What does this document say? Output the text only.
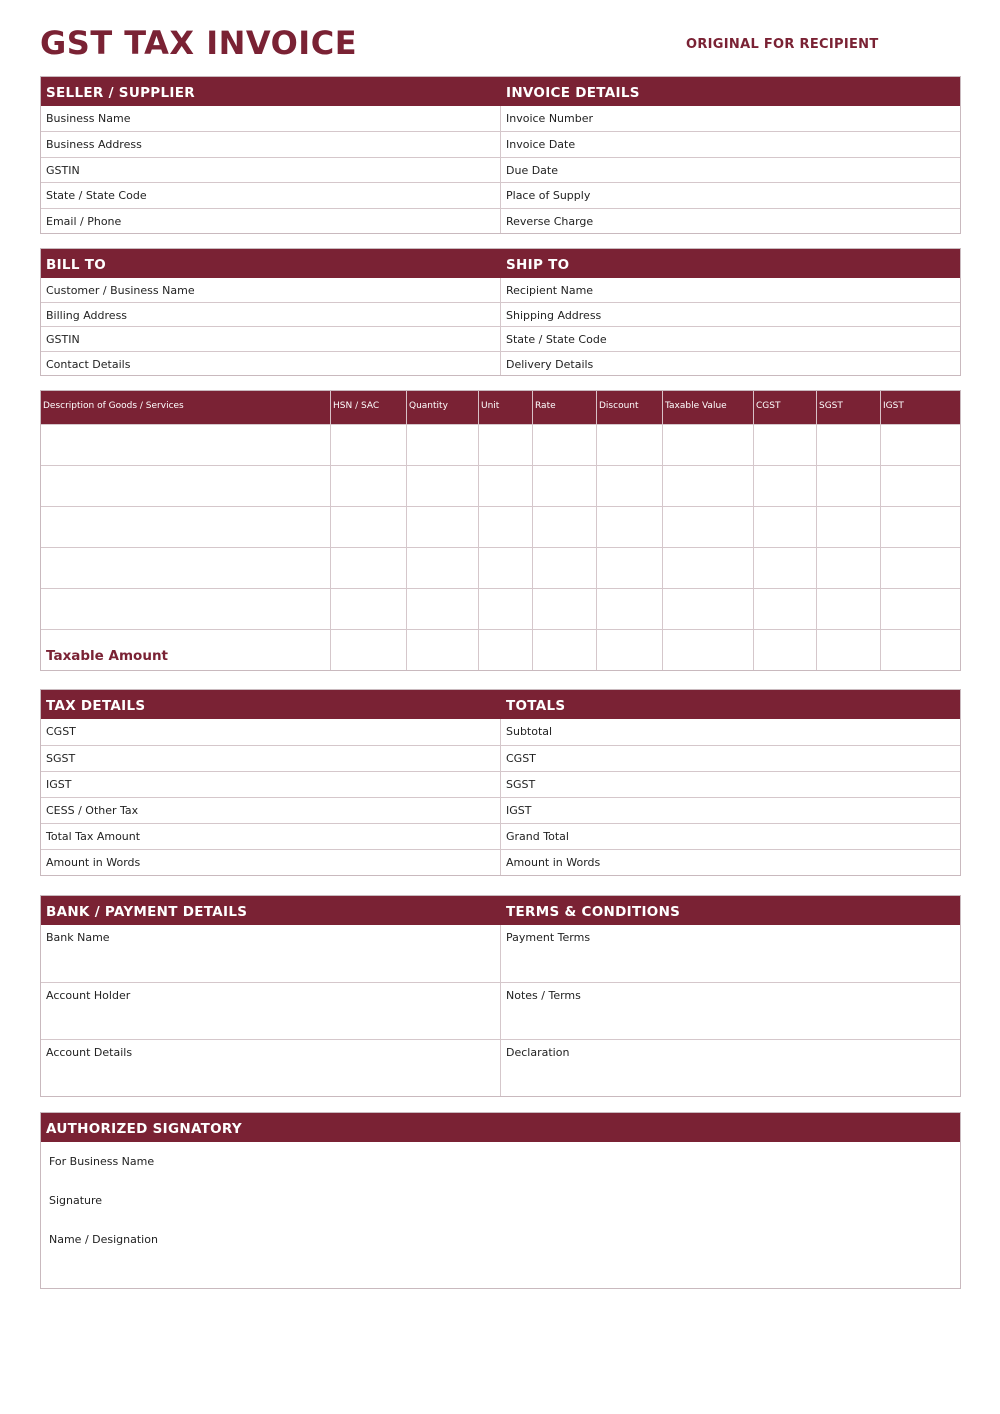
GST TAX INVOICE	ORIGINAL FOR RECIPIENT
SELLER / SUPPLIER	INVOICE DETAILS
Business Name	Invoice Number
Business Address	Invoice Date
GSTIN	Due Date
State / State Code	Place of Supply
Email / Phone	Reverse Charge
BILL TO	SHIP TO
Customer / Business Name	Recipient Name
Billing Address	Shipping Address
GSTIN	State / State Code
Contact Details	Delivery Details
Description of Goods / Services	HSN / SAC	Quantity	Unit	Rate	Discount	Taxable Value	CGST	SGST	IGST
Taxable Amount
TAX DETAILS	TOTALS
CGST	Subtotal
SGST	CGST
IGST	SGST
CESS / Other Tax	IGST
Total Tax Amount	Grand Total
Amount in Words	Amount in Words
BANK / PAYMENT DETAILS	TERMS & CONDITIONS
Bank Name	Payment Terms
Account Holder	Notes / Terms
Account Details	Declaration
AUTHORIZED SIGNATORY
For Business Name
Signature
Name / Designation
